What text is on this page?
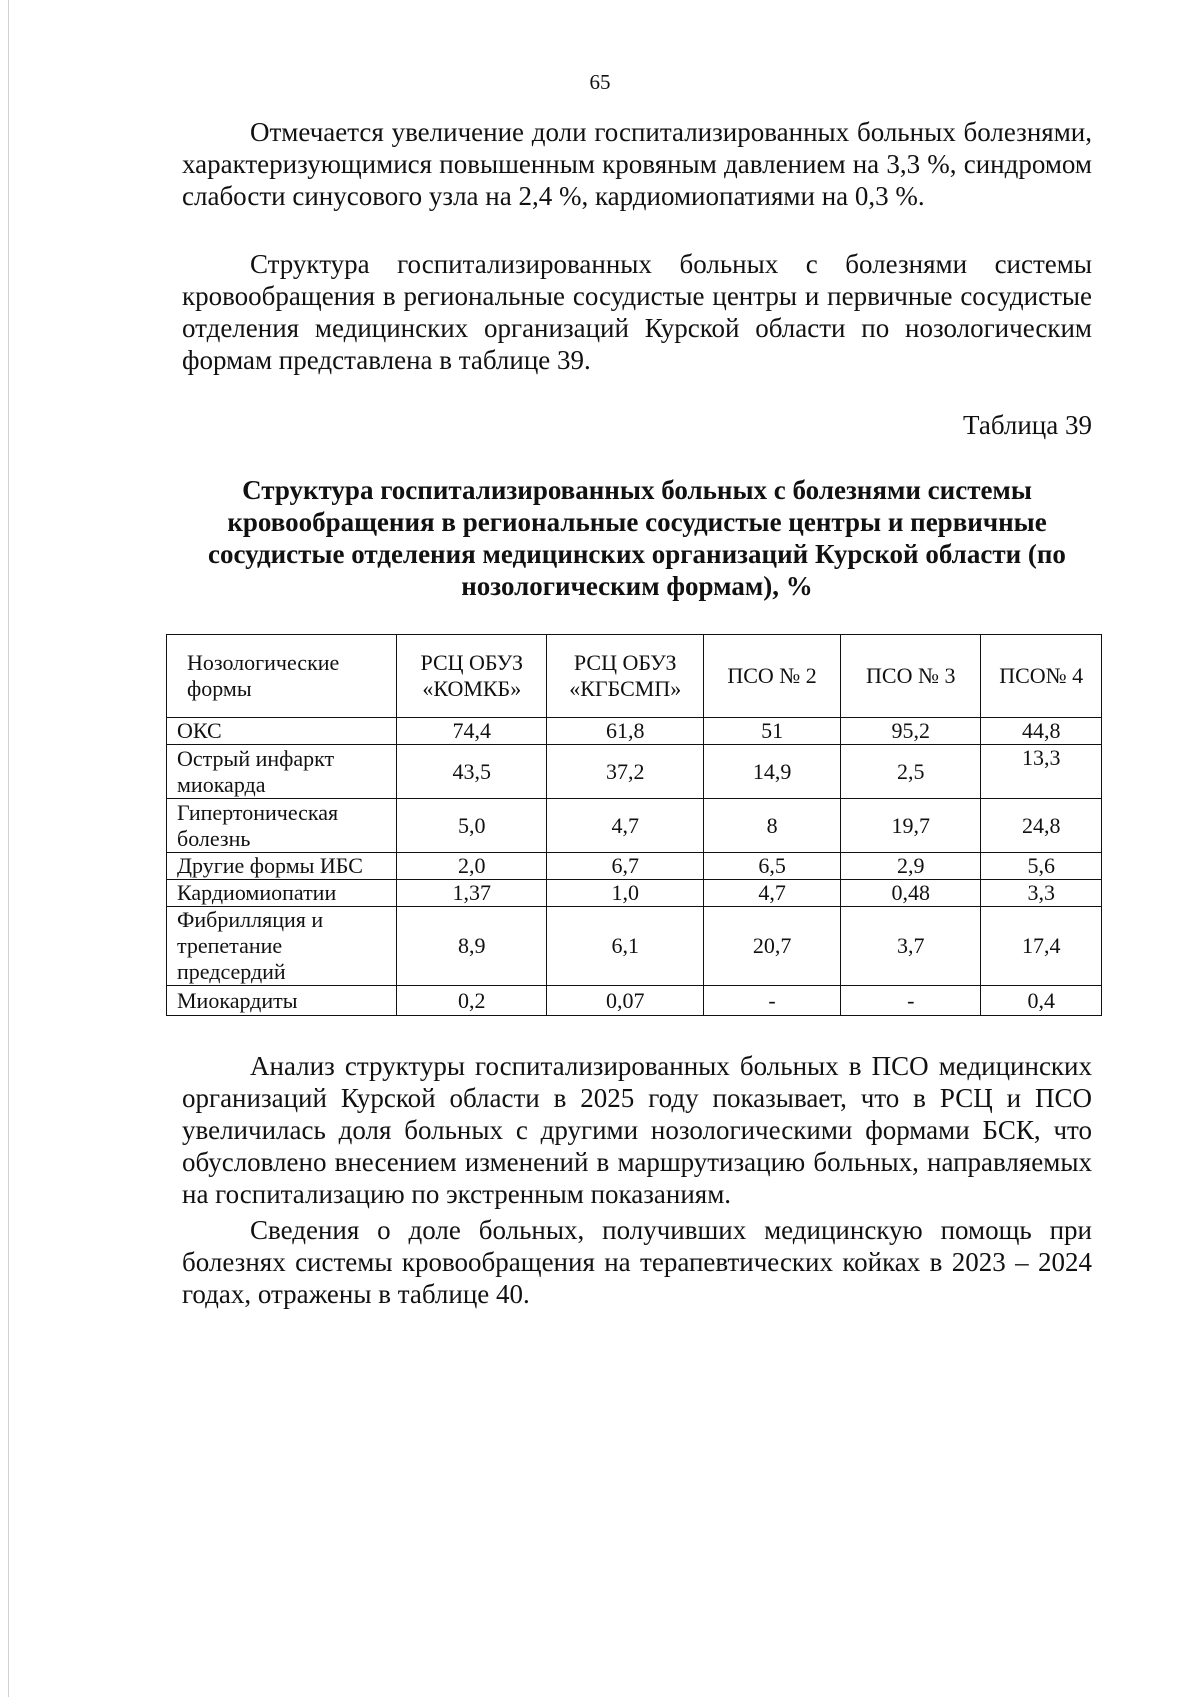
65

Отмечается увеличение доли госпитализированных больных болезнями, характеризующимися повышенным кровяным давлением на 3,3 %, синдромом слабости синусового узла на 2,4 %, кардиомиопатиями на 0,3 %.

Структура госпитализированных больных с болезнями системы кровообращения в региональные сосудистые центры и первичные сосудистые отделения медицинских организаций Курской области по нозологическим формам представлена в таблице 39.

Таблица 39

Структура госпитализированных больных с болезнями системы кровообращения в региональные сосудистые центры и первичные сосудистые отделения медицинских организаций Курской области (по нозологическим формам), %

Нозологические формы	РСЦ ОБУЗ «КОМКБ»	РСЦ ОБУЗ «КГБСМП»	ПСО № 2	ПСО № 3	ПСО№ 4
ОКС	74,4	61,8	51	95,2	44,8
Острый инфаркт миокарда	43,5	37,2	14,9	2,5	13,3
Гипертоническая болезнь	5,0	4,7	8	19,7	24,8
Другие формы ИБС	2,0	6,7	6,5	2,9	5,6
Кардиомиопатии	1,37	1,0	4,7	0,48	3,3
Фибрилляция и трепетание предсердий	8,9	6,1	20,7	3,7	17,4
Миокардиты	0,2	0,07	-	-	0,4

Анализ структуры госпитализированных больных в ПСО медицинских организаций Курской области в 2025 году показывает, что в РСЦ и ПСО увеличилась доля больных с другими нозологическими формами БСК, что обусловлено внесением изменений в маршрутизацию больных, направляемых на госпитализацию по экстренным показаниям.

Сведения о доле больных, получивших медицинскую помощь при болезнях системы кровообращения на терапевтических койках в 2023 – 2024 годах, отражены в таблице 40.
